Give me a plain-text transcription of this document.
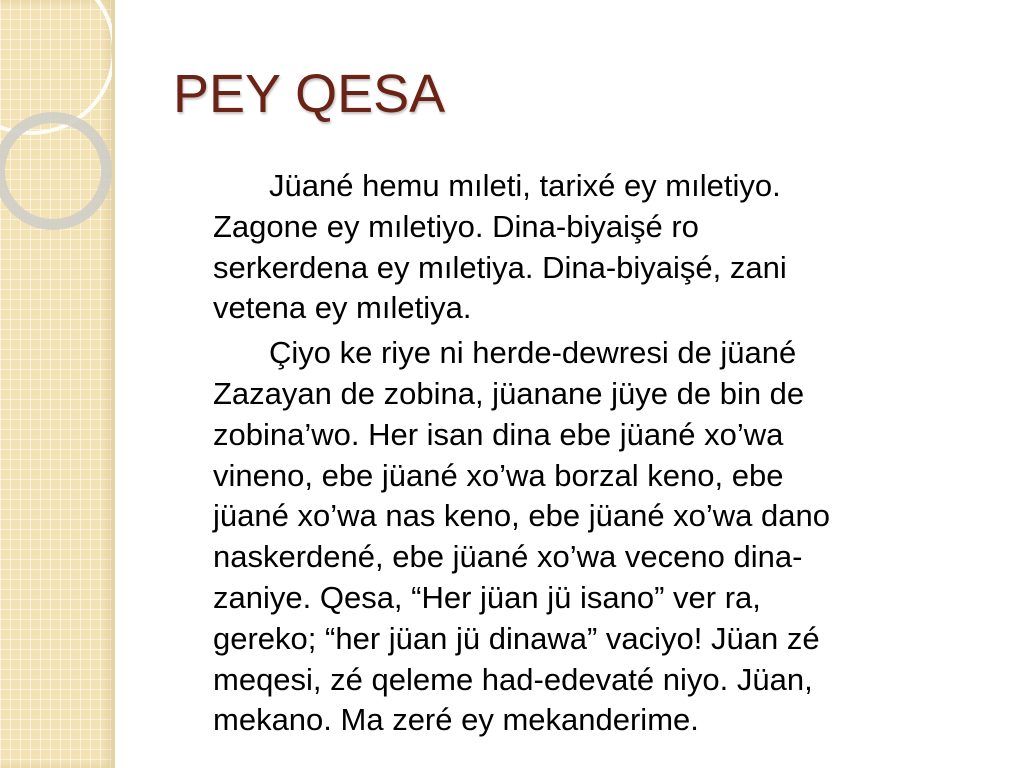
PEY QESA

Jüané hemu mıleti, tarixé ey mıletiyo.
Zagone ey mıletiyo. Dina-biyaişé ro
serkerdena ey mıletiya. Dina-biyaişé, zani
vetena ey mıletiya.

Çiyo ke riye ni herde-dewresi de jüané
Zazayan de zobina, jüanane jüye de bin de
zobina’wo. Her isan dina ebe jüané xo’wa
vineno, ebe jüané xo’wa borzal keno, ebe
jüané xo’wa nas keno, ebe jüané xo’wa dano
naskerdené, ebe jüané xo’wa veceno dina-
zaniye. Qesa, “Her jüan jü isano” ver ra,
gereko; “her jüan jü dinawa” vaciyo! Jüan zé
meqesi, zé qeleme had-edevaté niyo. Jüan,
mekano. Ma zeré ey mekanderime.
